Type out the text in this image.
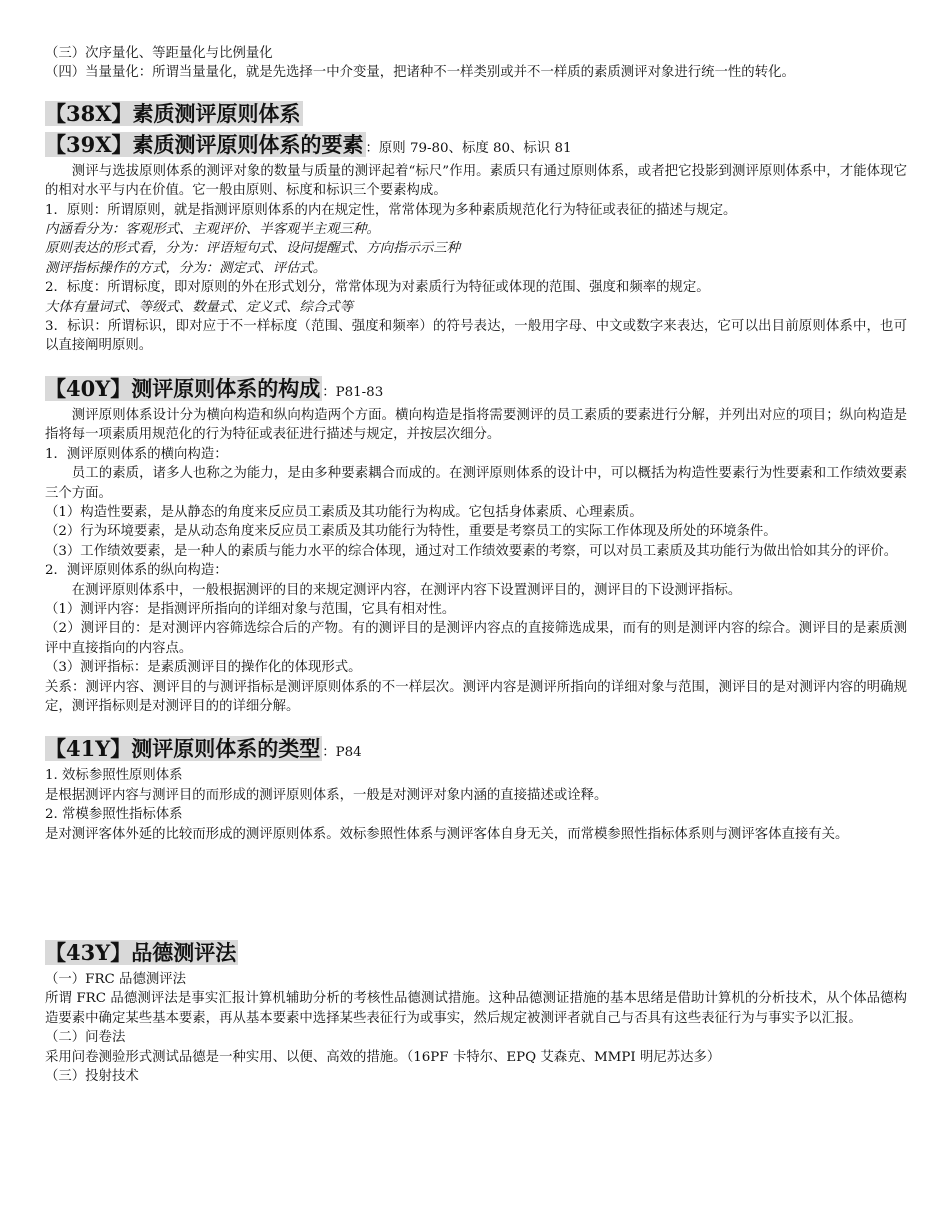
（三）次序量化、等距量化与比例量化

（四）当量量化：所谓当量量化，就是先选择一中介变量，把诸种不一样类别或并不一样质的素质测评对象进行统一性的转化。

【38X】素质测评原则体系

【39X】素质测评原则体系的要素 ：原则 79-80、标度 80、标识 81

测评与选拔原则体系的测评对象的数量与质量的测评起着“标尺”作用。素质只有通过原则体系，或者把它投影到测评原则体系中，才能体现它的相对水平与内在价值。它一般由原则、标度和标识三个要素构成。

1．原则：所谓原则，就是指测评原则体系的内在规定性，常常体现为多种素质规范化行为特征或表征的描述与规定。

内涵看分为：客观形式、主观评价、半客观半主观三种。

原则表达的形式看，分为：评语短句式、设问提醒式、方向指示示三种

测评指标操作的方式，分为：测定式、评估式。

2．标度：所谓标度，即对原则的外在形式划分，常常体现为对素质行为特征或体现的范围、强度和频率的规定。

大体有量词式、等级式、数量式、定义式、综合式等

3．标识：所谓标识，即对应于不一样标度（范围、强度和频率）的符号表达，一般用字母、中文或数字来表达，它可以出目前原则体系中，也可以直接阐明原则。

【40Y】测评原则体系的构成 ：P81-83

测评原则体系设计分为横向构造和纵向构造两个方面。横向构造是指将需要测评的员工素质的要素进行分解，并列出对应的项目；纵向构造是指将每一项素质用规范化的行为特征或表征进行描述与规定，并按层次细分。

1．测评原则体系的横向构造：

员工的素质，诸多人也称之为能力，是由多种要素耦合而成的。在测评原则体系的设计中，可以概括为构造性要素行为性要素和工作绩效要素三个方面。

（1）构造性要素，是从静态的角度来反应员工素质及其功能行为构成。它包括身体素质、心理素质。

（2）行为环境要素，是从动态角度来反应员工素质及其功能行为特性，重要是考察员工的实际工作体现及所处的环境条件。

（3）工作绩效要素，是一种人的素质与能力水平的综合体现，通过对工作绩效要素的考察，可以对员工素质及其功能行为做出恰如其分的评价。

2．测评原则体系的纵向构造：

在测评原则体系中，一般根据测评的目的来规定测评内容，在测评内容下设置测评目的，测评目的下设测评指标。

（1）测评内容：是指测评所指向的详细对象与范围，它具有相对性。

（2）测评目的：是对测评内容筛选综合后的产物。有的测评目的是测评内容点的直接筛选成果，而有的则是测评内容的综合。测评目的是素质测评中直接指向的内容点。

（3）测评指标：是素质测评目的操作化的体现形式。

关系：测评内容、测评目的与测评指标是测评原则体系的不一样层次。测评内容是测评所指向的详细对象与范围，测评目的是对测评内容的明确规定，测评指标则是对测评目的的详细分解。

【41Y】测评原则体系的类型 ：P84

1. 效标参照性原则体系

是根据测评内容与测评目的而形成的测评原则体系，一般是对测评对象内涵的直接描述或诠释。

2. 常模参照性指标体系

是对测评客体外延的比较而形成的测评原则体系。效标参照性体系与测评客体自身无关，而常模参照性指标体系则与测评客体直接有关。

【43Y】品德测评法

（一）FRC 品德测评法

所谓 FRC 品德测评法是事实汇报计算机辅助分析的考核性品德测试措施。这种品德测证措施的基本思绪是借助计算机的分析技术，从个体品德构造要素中确定某些基本要素，再从基本要素中选择某些表征行为或事实，然后规定被测评者就自己与否具有这些表征行为与事实予以汇报。

（二）问卷法

采用问卷测验形式测试品德是一种实用、以便、高效的措施。（16PF 卡特尔、EPQ 艾森克、MMPI 明尼苏达多）

（三）投射技术
